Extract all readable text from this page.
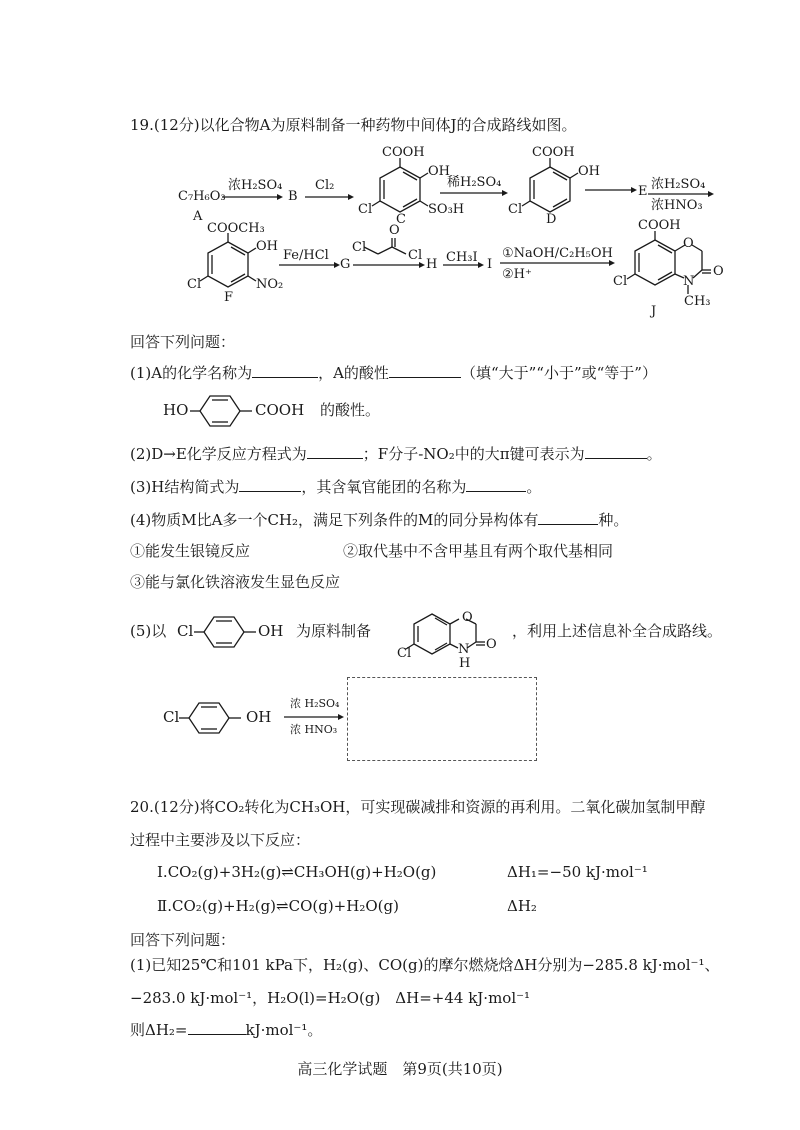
19.(12分)以化合物A为原料制备一种药物中间体J的合成路线如图。
C₇H₆O₃
A
浓H₂SO₄
B
Cl₂
COOH
OH
Cl	SO₃H
C
稀H₂SO₄
COOH
OH
Cl
D
E 浓H₂SO₄
浓HNO₃
COOCH₃
OH
Cl	NO₂
F
Fe/HCl
G
Cl
O
Cl
H CH₃I I
①NaOH/C₂H₅OH
②H⁺
COOH
O
N
O
Cl
CH₃
J
回答下列问题：
(1)A的化学名称为	，A的酸性	（填“大于”“小于”或“等于”）
HO	COOH 的酸性。
(2)D→E化学反应方程式为	；F分子-NO₂中的大π键可表示为	。
(3)H结构简式为	，其含氧官能团的名称为	。
(4)物质M比A多一个CH₂，满足下列条件的M的同分异构体有	种。
①能发生银镜反应	②取代基中不含甲基且有两个取代基相同
③能与氯化铁溶液发生显色反应
(5)以 Cl	OH 为原料制备
O
Cl	N
H
O
，利用上述信息补全合成路线。
Cl	OH
浓 H₂SO₄
浓 HNO₃
20.(12分)将CO₂转化为CH₃OH，可实现碳减排和资源的再利用。二氧化碳加氢制甲醇
过程中主要涉及以下反应：
Ⅰ.CO₂(g)+3H₂(g)⇌CH₃OH(g)+H₂O(g)	ΔH₁=−50 kJ·mol⁻¹
Ⅱ.CO₂(g)+H₂(g)⇌CO(g)+H₂O(g)	ΔH₂
回答下列问题：
(1)已知25℃和101 kPa下，H₂(g)、CO(g)的摩尔燃烧焓ΔH分别为−285.8 kJ·mol⁻¹、
−283.0 kJ·mol⁻¹，H₂O(l)=H₂O(g)　ΔH=+44 kJ·mol⁻¹
则ΔH₂=	kJ·mol⁻¹。
高三化学试题　第9页(共10页)
